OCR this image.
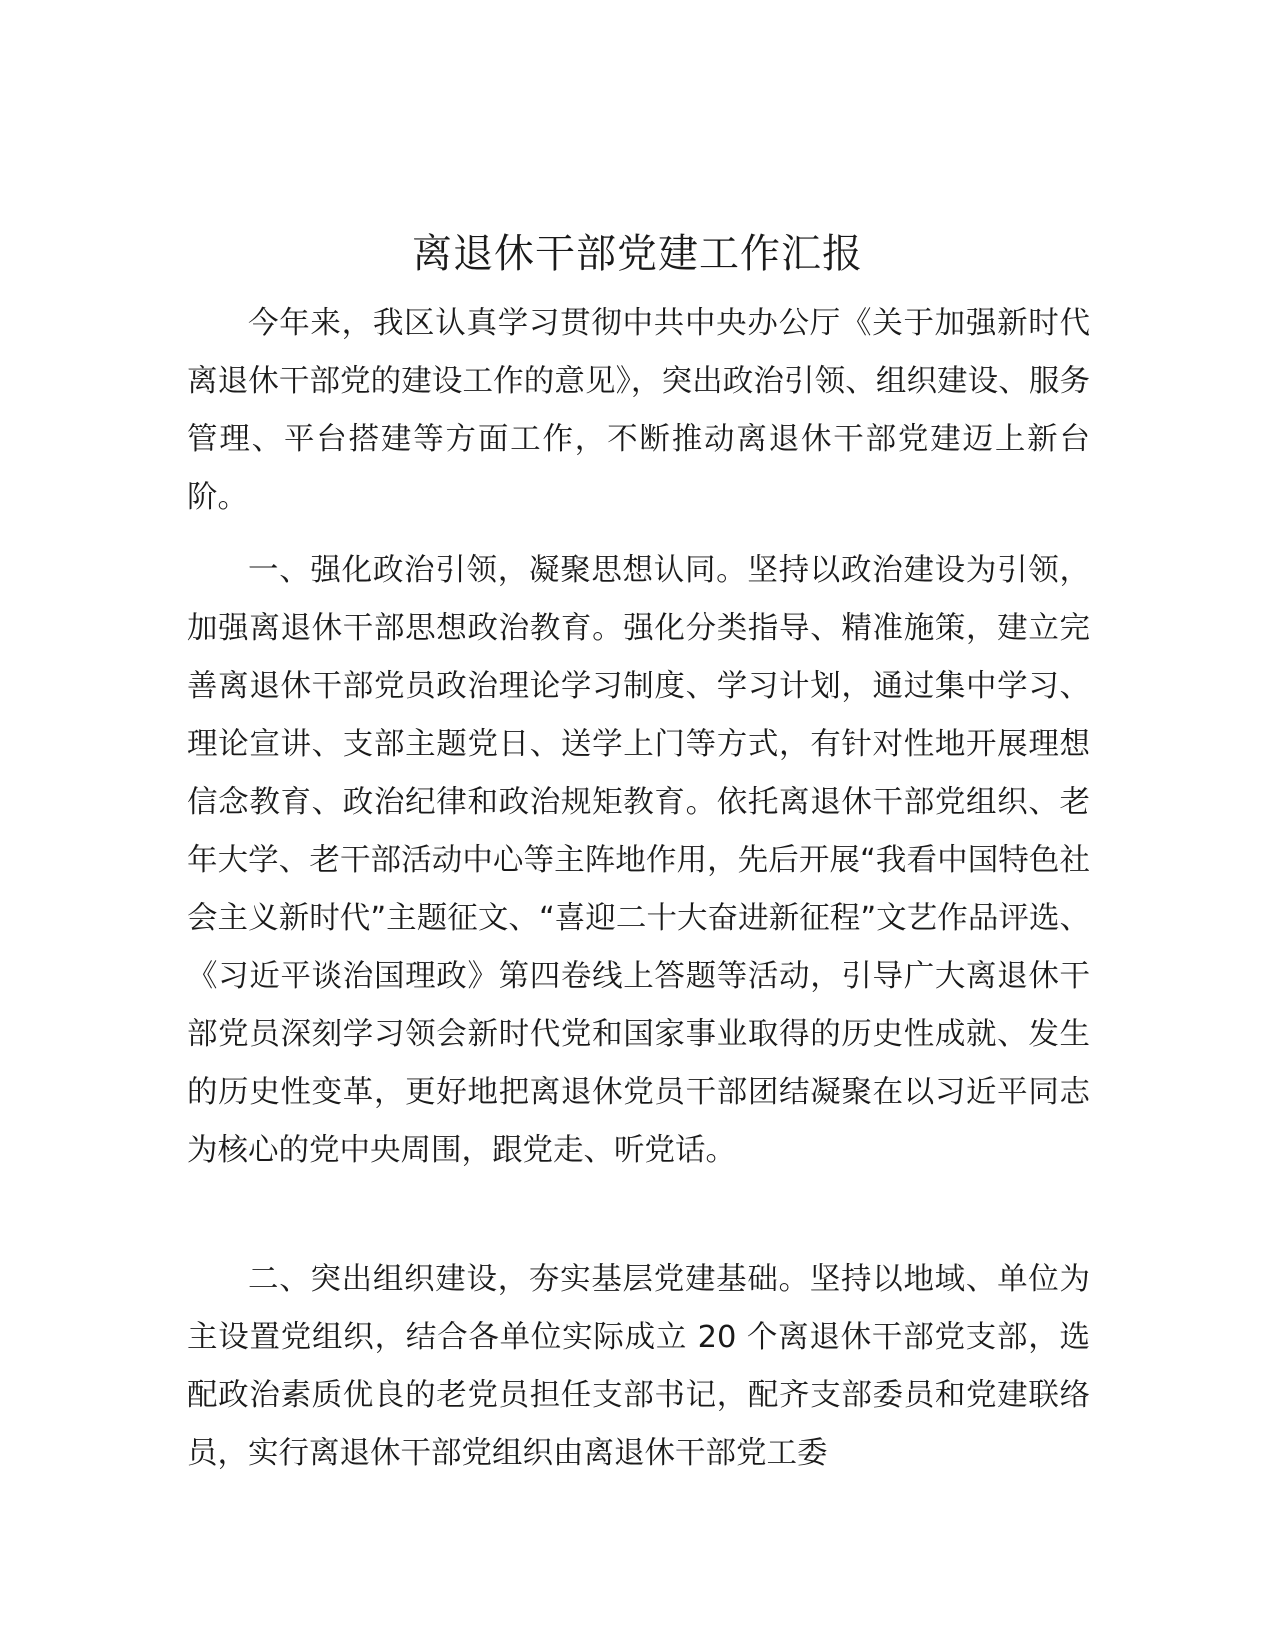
离退休干部党建工作汇报

今年来，我区认真学习贯彻中共中央办公厅《关于加强新时代离退休干部党的建设工作的意见》，突出政治引领、组织建设、服务管理、平台搭建等方面工作，不断推动离退休干部党建迈上新台阶。

一、强化政治引领，凝聚思想认同。坚持以政治建设为引领，加强离退休干部思想政治教育。强化分类指导、精准施策，建立完善离退休干部党员政治理论学习制度、学习计划，通过集中学习、理论宣讲、支部主题党日、送学上门等方式，有针对性地开展理想信念教育、政治纪律和政治规矩教育。依托离退休干部党组织、老年大学、老干部活动中心等主阵地作用，先后开展“我看中国特色社会主义新时代”主题征文、“喜迎二十大奋进新征程”文艺作品评选、《习近平谈治国理政》第四卷线上答题等活动，引导广大离退休干部党员深刻学习领会新时代党和国家事业取得的历史性成就、发生的历史性变革，更好地把离退休党员干部团结凝聚在以习近平同志为核心的党中央周围，跟党走、听党话。

二、突出组织建设，夯实基层党建基础。坚持以地域、单位为主设置党组织，结合各单位实际成立 20 个离退休干部党支部，选配政治素质优良的老党员担任支部书记，配齐支部委员和党建联络员，实行离退休干部党组织由离退休干部党工委
